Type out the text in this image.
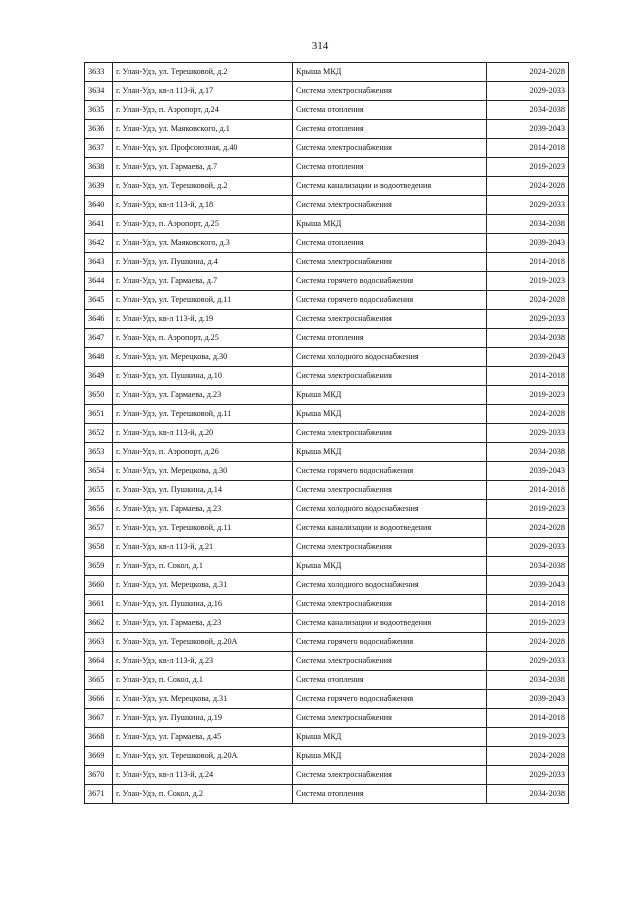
314
3633	г. Улан-Удэ, ул. Терешковой, д.2	Крыша МКД	2024-2028
3634	г. Улан-Удэ, кв-л 113-й, д.17	Система электроснабжения	2029-2033
3635	г. Улан-Удэ, п. Аэропорт, д.24	Система отопления	2034-2038
3636	г. Улан-Удэ, ул. Маяковского, д.1	Система отопления	2039-2043
3637	г. Улан-Удэ, ул. Профсоюзная, д.40	Система электроснабжения	2014-2018
3638	г. Улан-Удэ, ул. Гармаева, д.7	Система отопления	2019-2023
3639	г. Улан-Удэ, ул. Терешковой, д.2	Система канализации и водоотведения	2024-2028
3640	г. Улан-Удэ, кв-л 113-й, д.18	Система электроснабжения	2029-2033
3641	г. Улан-Удэ, п. Аэропорт, д.25	Крыша МКД	2034-2038
3642	г. Улан-Удэ, ул. Маяковского, д.3	Система отопления	2039-2043
3643	г. Улан-Удэ, ул. Пушкина, д.4	Система электроснабжения	2014-2018
3644	г. Улан-Удэ, ул. Гармаева, д.7	Система горячего водоснабжения	2019-2023
3645	г. Улан-Удэ, ул. Терешковой, д.11	Система горячего водоснабжения	2024-2028
3646	г. Улан-Удэ, кв-л 113-й, д.19	Система электроснабжения	2029-2033
3647	г. Улан-Удэ, п. Аэропорт, д.25	Система отопления	2034-2038
3648	г. Улан-Удэ, ул. Мерецкова, д.30	Система холодного водоснабжения	2039-2043
3649	г. Улан-Удэ, ул. Пушкина, д.10	Система электроснабжения	2014-2018
3650	г. Улан-Удэ, ул. Гармаева, д.23	Крыша МКД	2019-2023
3651	г. Улан-Удэ, ул. Терешковой, д.11	Крыша МКД	2024-2028
3652	г. Улан-Удэ, кв-л 113-й, д.20	Система электроснабжения	2029-2033
3653	г. Улан-Удэ, п. Аэропорт, д.26	Крыша МКД	2034-2038
3654	г. Улан-Удэ, ул. Мерецкова, д.30	Система горячего водоснабжения	2039-2043
3655	г. Улан-Удэ, ул. Пушкина, д.14	Система электроснабжения	2014-2018
3656	г. Улан-Удэ, ул. Гармаева, д.23	Система холодного водоснабжения	2019-2023
3657	г. Улан-Удэ, ул. Терешковой, д.11	Система канализации и водоотведения	2024-2028
3658	г. Улан-Удэ, кв-л 113-й, д.21	Система электроснабжения	2029-2033
3659	г. Улан-Удэ, п. Сокол, д.1	Крыша МКД	2034-2038
3660	г. Улан-Удэ, ул. Мерецкова, д.31	Система холодного водоснабжения	2039-2043
3661	г. Улан-Удэ, ул. Пушкина, д.16	Система электроснабжения	2014-2018
3662	г. Улан-Удэ, ул. Гармаева, д.23	Система канализации и водоотведения	2019-2023
3663	г. Улан-Удэ, ул. Терешковой, д.20А	Система горячего водоснабжения	2024-2028
3664	г. Улан-Удэ, кв-л 113-й, д.23	Система электроснабжения	2029-2033
3665	г. Улан-Удэ, п. Сокол, д.1	Система отопления	2034-2038
3666	г. Улан-Удэ, ул. Мерецкова, д.31	Система горячего водоснабжения	2039-2043
3667	г. Улан-Удэ, ул. Пушкина, д.19	Система электроснабжения	2014-2018
3668	г. Улан-Удэ, ул. Гармаева, д.45	Крыша МКД	2019-2023
3669	г. Улан-Удэ, ул. Терешковой, д.20А	Крыша МКД	2024-2028
3670	г. Улан-Удэ, кв-л 113-й, д.24	Система электроснабжения	2029-2033
3671	г. Улан-Удэ, п. Сокол, д.2	Система отопления	2034-2038
